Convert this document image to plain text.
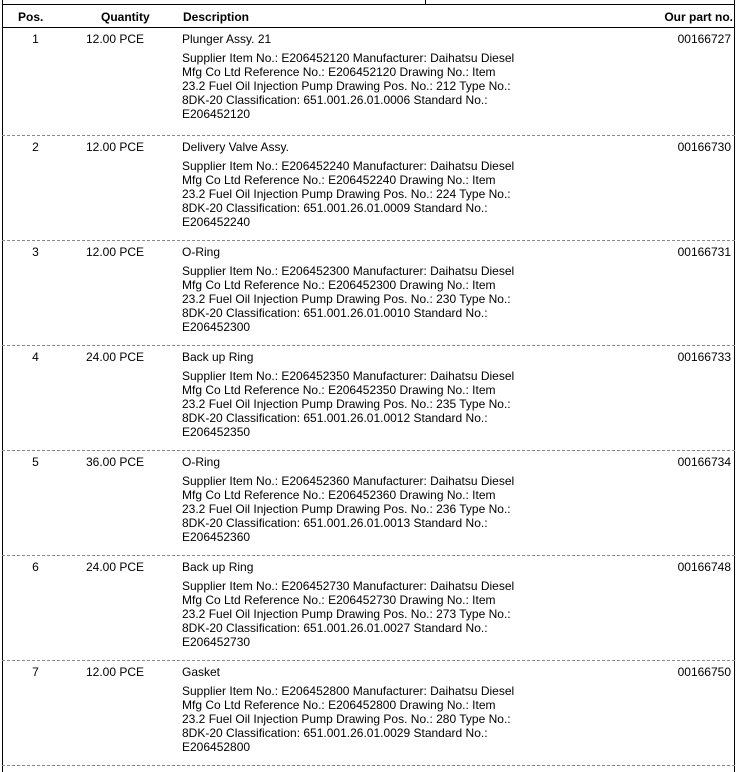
Pos.	Quantity	Description	Our part no.
1	12.00 PCE	Plunger Assy. 21	00166727
Supplier Item No.: E206452120 Manufacturer: Daihatsu Diesel
Mfg Co Ltd Reference No.: E206452120 Drawing No.: Item
23.2 Fuel Oil Injection Pump Drawing Pos. No.: 212 Type No.:
8DK-20 Classification: 651.001.26.01.0006 Standard No.:
E206452120
2	12.00 PCE	Delivery Valve Assy.	00166730
Supplier Item No.: E206452240 Manufacturer: Daihatsu Diesel
Mfg Co Ltd Reference No.: E206452240 Drawing No.: Item
23.2 Fuel Oil Injection Pump Drawing Pos. No.: 224 Type No.:
8DK-20 Classification: 651.001.26.01.0009 Standard No.:
E206452240
3	12.00 PCE	O-Ring	00166731
Supplier Item No.: E206452300 Manufacturer: Daihatsu Diesel
Mfg Co Ltd Reference No.: E206452300 Drawing No.: Item
23.2 Fuel Oil Injection Pump Drawing Pos. No.: 230 Type No.:
8DK-20 Classification: 651.001.26.01.0010 Standard No.:
E206452300
4	24.00 PCE	Back up Ring	00166733
Supplier Item No.: E206452350 Manufacturer: Daihatsu Diesel
Mfg Co Ltd Reference No.: E206452350 Drawing No.: Item
23.2 Fuel Oil Injection Pump Drawing Pos. No.: 235 Type No.:
8DK-20 Classification: 651.001.26.01.0012 Standard No.:
E206452350
5	36.00 PCE	O-Ring	00166734
Supplier Item No.: E206452360 Manufacturer: Daihatsu Diesel
Mfg Co Ltd Reference No.: E206452360 Drawing No.: Item
23.2 Fuel Oil Injection Pump Drawing Pos. No.: 236 Type No.:
8DK-20 Classification: 651.001.26.01.0013 Standard No.:
E206452360
6	24.00 PCE	Back up Ring	00166748
Supplier Item No.: E206452730 Manufacturer: Daihatsu Diesel
Mfg Co Ltd Reference No.: E206452730 Drawing No.: Item
23.2 Fuel Oil Injection Pump Drawing Pos. No.: 273 Type No.:
8DK-20 Classification: 651.001.26.01.0027 Standard No.:
E206452730
7	12.00 PCE	Gasket	00166750
Supplier Item No.: E206452800 Manufacturer: Daihatsu Diesel
Mfg Co Ltd Reference No.: E206452800 Drawing No.: Item
23.2 Fuel Oil Injection Pump Drawing Pos. No.: 280 Type No.:
8DK-20 Classification: 651.001.26.01.0029 Standard No.:
E206452800
